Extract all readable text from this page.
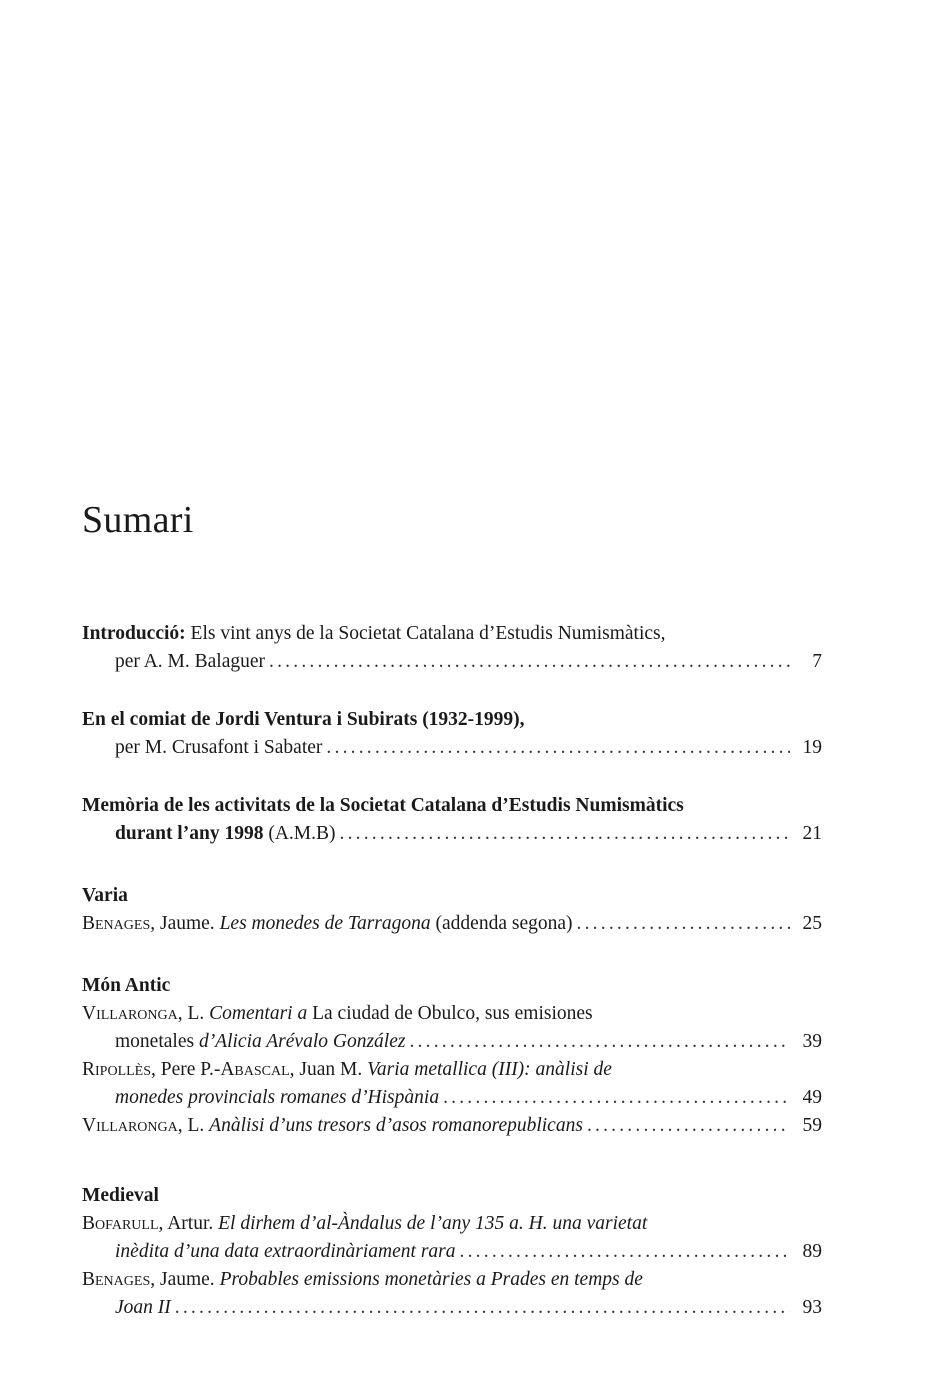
Sumari
Introducció: Els vint anys de la Societat Catalana d’Estudis Numismàtics,
per A. M. Balaguer .....	7
En el comiat de Jordi Ventura i Subirats (1932-1999),
per M. Crusafont i Sabater .....	19
Memòria de les activitats de la Societat Catalana d’Estudis Numismàtics
durant l’any 1998 (A.M.B) .....	21
Varia
Benages, Jaume. Les monedes de Tarragona (addenda segona) .....	25
Món Antic
Villaronga, L. Comentari a La ciudad de Obulco, sus emisiones
monetales d’Alicia Arévalo González .....	39
Ripollès, Pere P.-Abascal, Juan M. Varia metallica (III): anàlisi de
monedes provincials romanes d’Hispània .....	49
Villaronga, L. Anàlisi d’uns tresors d’asos romanorepublicans .....	59
Medieval
Bofarull, Artur. El dirhem d’al-Àndalus de l’any 135 a. H. una varietat
inèdita d’una data extraordinàriament rara .....	89
Benages, Jaume. Probables emissions monetàries a Prades en temps de
Joan II .....	93
